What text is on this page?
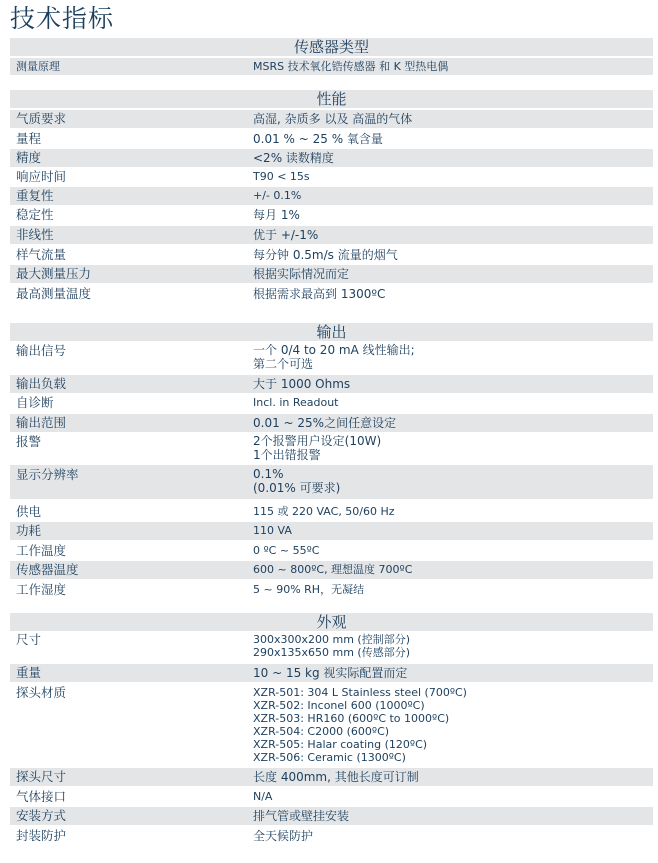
技术指标
传感器类型
测量原理	MSRS 技术氧化锆传感器 和 K 型热电偶
性能
气质要求	高湿, 杂质多 以及 高温的气体
量程	0.01 % ~ 25 % 氧含量
精度	<2% 读数精度
响应时间	T90 < 15s
重复性	+/- 0.1%
稳定性	每月 1%
非线性	优于 +/-1%
样气流量	每分钟 0.5m/s 流量的烟气
最大测量压力	根据实际情况而定
最高测量温度	根据需求最高到 1300ºC
输出
输出信号	一个 0/4 to 20 mA 线性输出;
第二个可选
输出负载	大于 1000 Ohms
自诊断	Incl. in Readout
输出范围	0.01 ~ 25%之间任意设定
报警	2个报警用户设定(10W)
1个出错报警
显示分辨率	0.1%
(0.01% 可要求)
供电	115 或 220 VAC, 50/60 Hz
功耗	110 VA
工作温度	0 ºC ~ 55ºC
传感器温度	600 ~ 800ºC, 理想温度 700ºC
工作湿度	5 ~ 90% RH，无凝结
外观
尺寸	300x300x200 mm (控制部分)
290x135x650 mm (传感部分)
重量	10 ~ 15 kg 视实际配置而定
探头材质	XZR-501: 304 L Stainless steel (700ºC)
XZR-502: Inconel 600 (1000ºC)
XZR-503: HR160 (600ºC to 1000ºC)
XZR-504: C2000 (600ºC)
XZR-505: Halar coating (120ºC)
XZR-506: Ceramic (1300ºC)
探头尺寸	长度 400mm, 其他长度可订制
气体接口	N/A
安装方式	排气管或壁挂安装
封装防护	全天候防护
